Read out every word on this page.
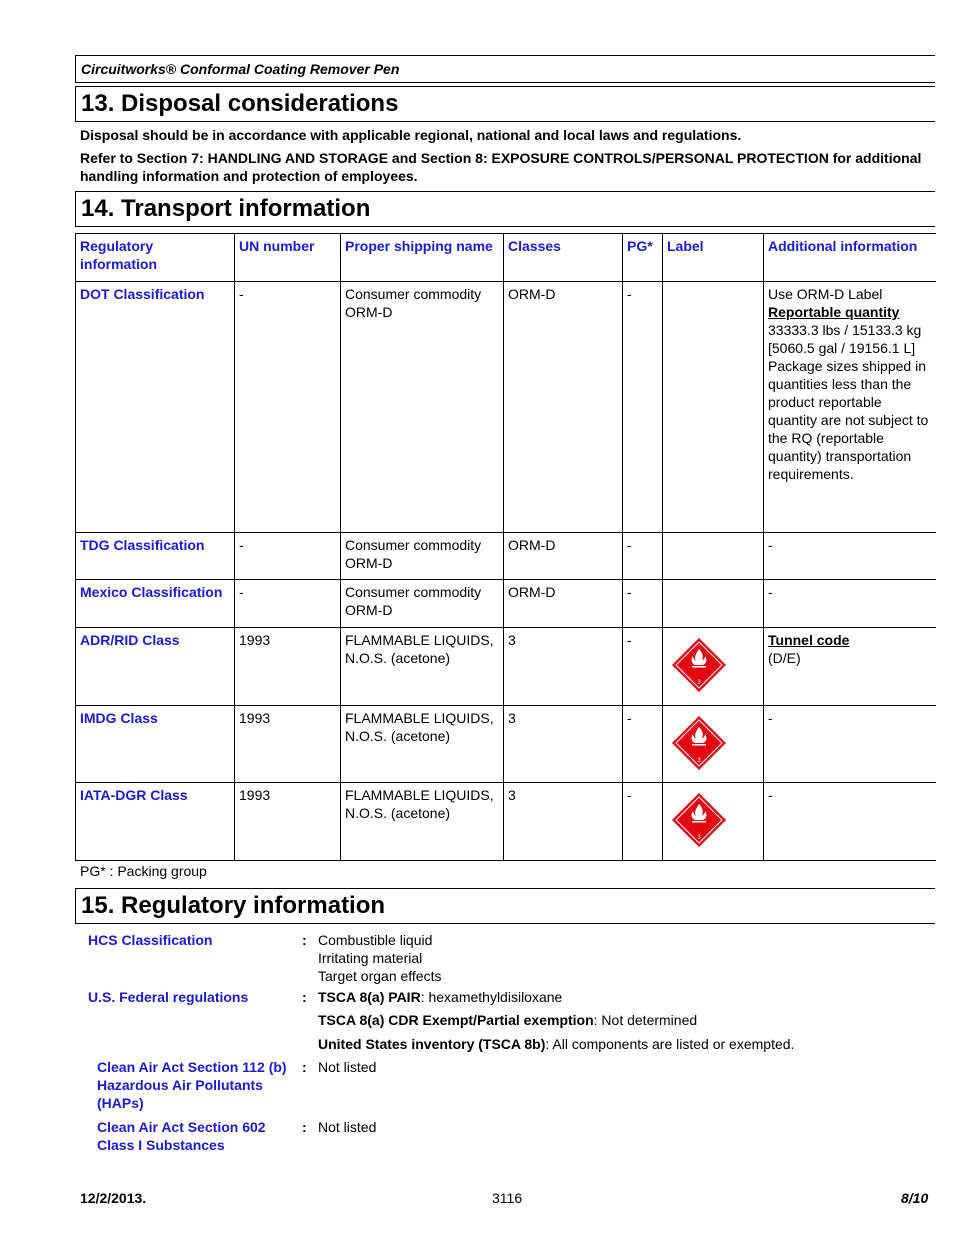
Circuitworks® Conformal Coating Remover Pen
13. Disposal considerations
Disposal should be in accordance with applicable regional, national and local laws and regulations.
Refer to Section 7: HANDLING AND STORAGE and Section 8: EXPOSURE CONTROLS/PERSONAL PROTECTION for additional handling information and protection of employees.
14. Transport information
Regulatory information	UN number	Proper shipping name	Classes	PG*	Label	Additional information
DOT Classification	-	Consumer commodity ORM-D	ORM-D	-		Use ORM-D Label
Reportable quantity
33333.3 lbs / 15133.3 kg [5060.5 gal / 19156.1 L]
Package sizes shipped in quantities less than the product reportable quantity are not subject to the RQ (reportable quantity) transportation requirements.

TDG Classification	-	Consumer commodity ORM-D	ORM-D	-		-
Mexico Classification	-	Consumer commodity ORM-D	ORM-D	-		-
ADR/RID Class	1993	FLAMMABLE LIQUIDS, N.O.S. (acetone)	3	-	3	Tunnel code
(D/E)

IMDG Class	1993	FLAMMABLE LIQUIDS, N.O.S. (acetone)	3	-	3	-
IATA-DGR Class	1993	FLAMMABLE LIQUIDS, N.O.S. (acetone)	3	-	3	-
PG* : Packing group
15. Regulatory information
HCS Classification	: Combustible liquid
Irritating material
Target organ effects
U.S. Federal regulations	: TSCA 8(a) PAIR: hexamethyldisiloxane
TSCA 8(a) CDR Exempt/Partial exemption: Not determined
United States inventory (TSCA 8b): All components are listed or exempted.
Clean Air Act Section 112 (b) Hazardous Air Pollutants (HAPs)
: Not listed
Clean Air Act Section 602 Class I Substances
: Not listed
12/2/2013.	3116	8/10
